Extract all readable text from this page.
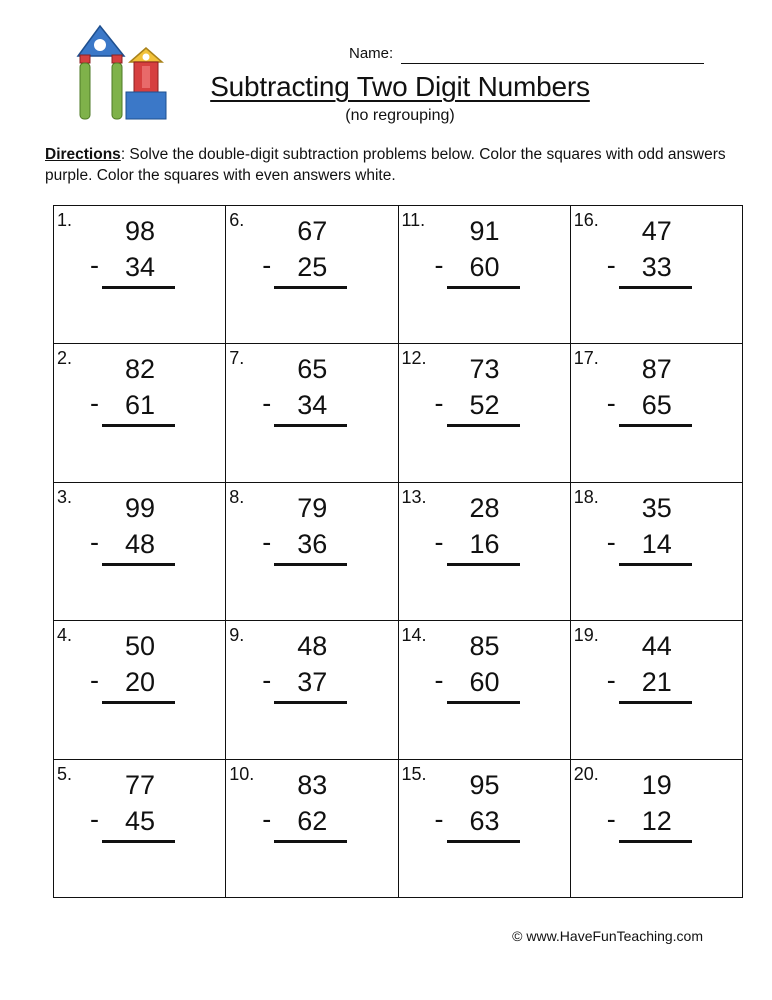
Name:
Subtracting Two Digit Numbers
(no regrouping)
Directions: Solve the double-digit subtraction problems below. Color the squares with odd answers purple. Color the squares with even answers white.
1. 98
- 34
6. 67
- 25
11. 91
- 60
16. 47
- 33
2. 82
- 61
7. 65
- 34
12. 73
- 52
17. 87
- 65
3. 99
- 48
8. 79
- 36
13. 28
- 16
18. 35
- 14
4. 50
- 20
9. 48
- 37
14. 85
- 60
19. 44
- 21
5. 77
- 45
10. 83
- 62
15. 95
- 63
20. 19
- 12
© www.HaveFunTeaching.com
